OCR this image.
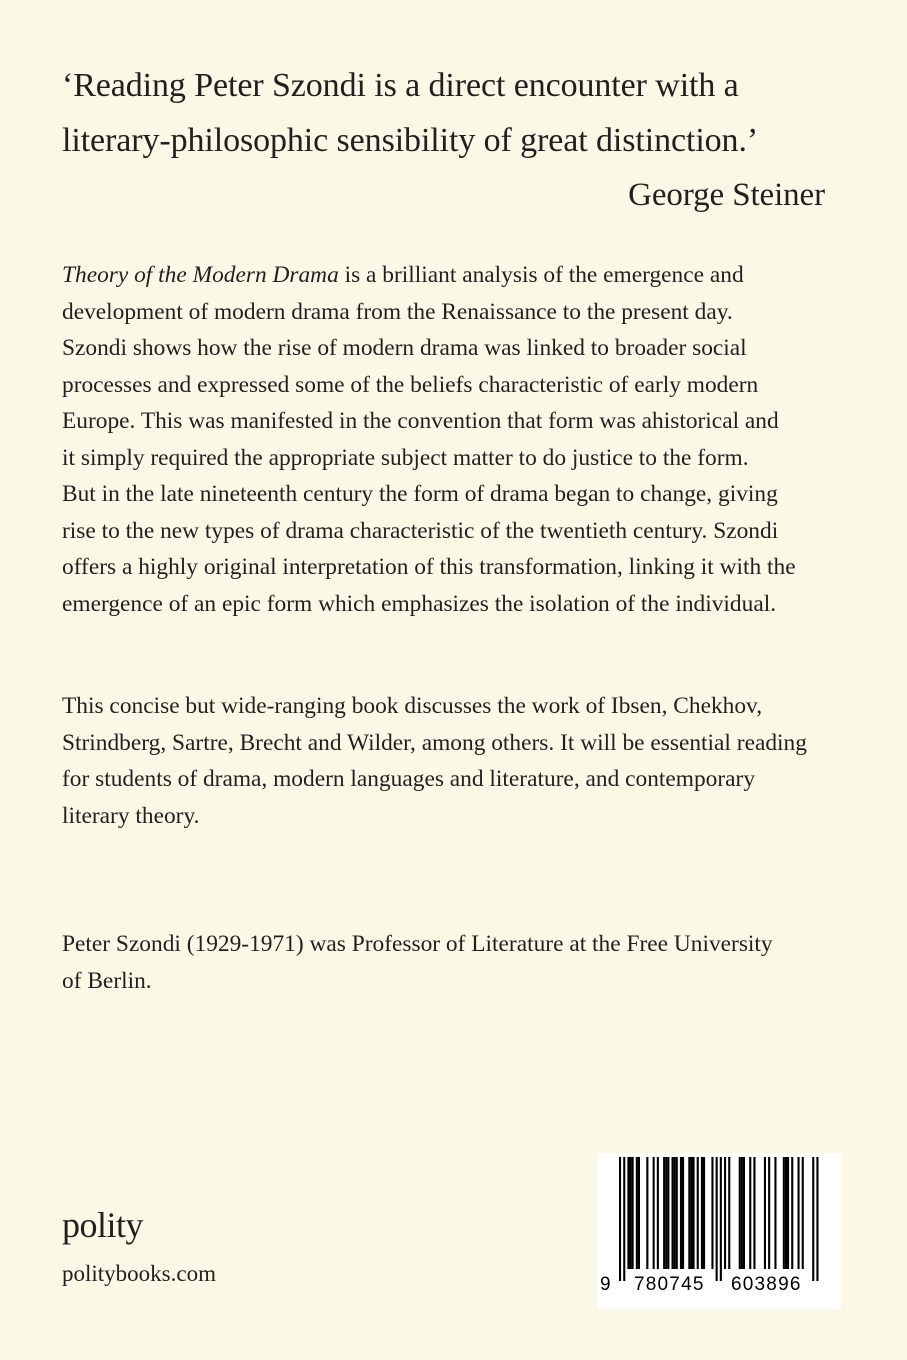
‘Reading Peter Szondi is a direct encounter with a
literary-philosophic sensibility of great distinction.’
George Steiner
Theory of the Modern Drama is a brilliant analysis of the emergence and
development of modern drama from the Renaissance to the present day.
Szondi shows how the rise of modern drama was linked to broader social
processes and expressed some of the beliefs characteristic of early modern
Europe. This was manifested in the convention that form was ahistorical and
it simply required the appropriate subject matter to do justice to the form.
But in the late nineteenth century the form of drama began to change, giving
rise to the new types of drama characteristic of the twentieth century. Szondi
offers a highly original interpretation of this transformation, linking it with the
emergence of an epic form which emphasizes the isolation of the individual.
This concise but wide-ranging book discusses the work of Ibsen, Chekhov,
Strindberg, Sartre, Brecht and Wilder, among others. It will be essential reading
for students of drama, modern languages and literature, and contemporary
literary theory.
Peter Szondi (1929-1971) was Professor of Literature at the Free University
of Berlin.
polity
politybooks.com	9 780745 603896
